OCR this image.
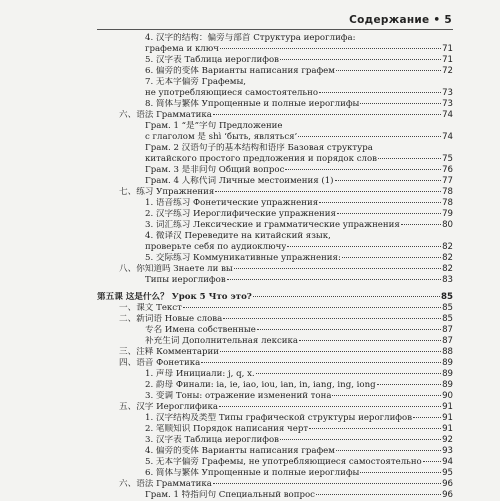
Содержание • 5
4. 汉字的结构：偏旁与部首 Структура иероглифа:
графема и ключ	71
5. 汉字表 Таблица иероглифов	71
6. 偏旁的变体 Варианты написания графем	72
7. 无本字偏旁 Графемы,
не употребляющиеся самостоятельно	73
8. 简体与繁体 Упрощенные и полные иероглифы	73
六、语法 Грамматика	74
Грам. 1 “是”字句 Предложение
с глаголом 是 shì ‘быть, являться’	74
Грам. 2 汉语句子的基本结构和语序 Базовая структура
китайского простого предложения и порядок слов	75
Грам. 3 是非问句 Общий вопрос	76
Грам. 4 人称代词 Личные местоимения (1)	77
七、练习 Упражнения	78
1. 语音练习 Фонетические упражнения	78
2. 汉字练习 Иероглифические упражнения	79
3. 词汇练习 Лексические и грамматические упражнения	80
4. 微译汉 Переведите на китайский язык,
проверьте себя по аудиоключу	82
5. 交际练习 Коммуникативные упражнения:	82
八、你知道吗 Знаете ли вы	82
Типы иероглифов	83
第五课 这是什么？ Урок 5 Что это?	85
一、课文 Текст	85
二、新词语 Новые слова	85
专名 Имена собственные	87
补充生词 Дополнительная лексика	87
三、注释 Комментарии	88
四、语音 Фонетика	89
1. 声母 Инициали: j, q, x.	89
2. 韵母 Финали: ia, ie, iao, iou, ian, in, iang, ing, iong	89
3. 变调 Тоны: отражение изменений тона	90
五、汉字 Иероглифика	91
1. 汉字结构及类型 Типы графической структуры иероглифов	91
2. 笔顺知识 Порядок написания черт	91
3. 汉字表 Таблица иероглифов	92
4. 偏旁的变体 Варианты написания графем	93
5. 无本字偏旁 Графемы, не употребляющиеся самостоятельно 94
6. 简体与繁体 Упрощенные и полные иероглифы	95
六、语法 Грамматика	96
Грам. 1 特指问句 Специальный вопрос	96
